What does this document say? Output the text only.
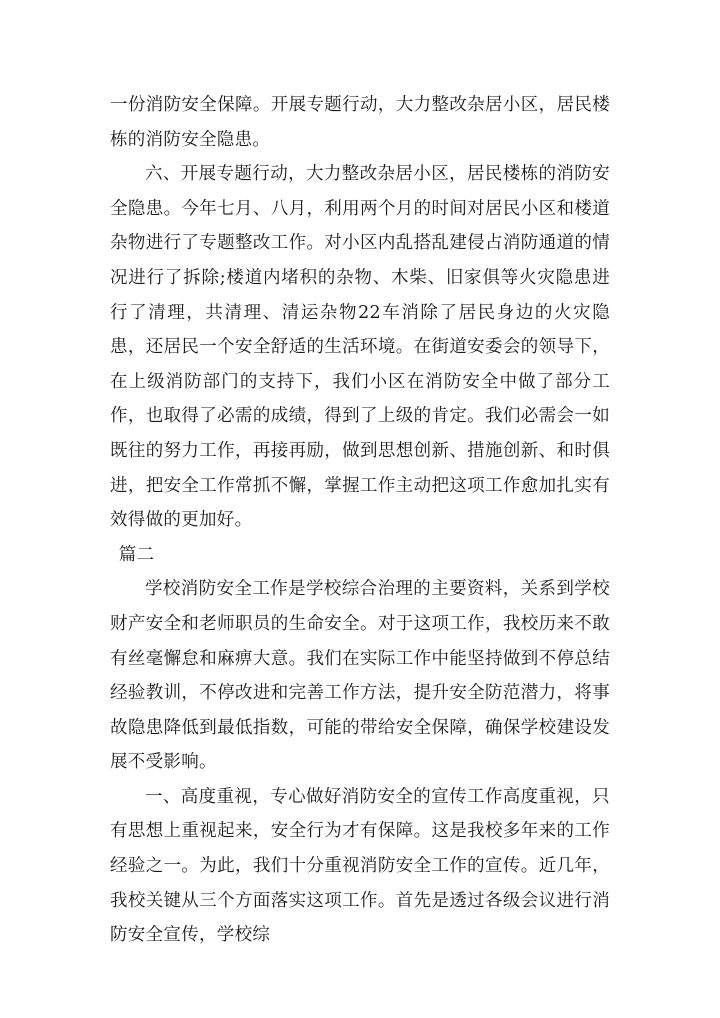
一份消防安全保障。开展专题行动，大力整改杂居小区，居民楼栋的消防安全隐患。

六、开展专题行动，大力整改杂居小区，居民楼栋的消防安全隐患。今年七月、八月，利用两个月的时间对居民小区和楼道杂物进行了专题整改工作。对小区内乱搭乱建侵占消防通道的情况进行了拆除;楼道内堵积的杂物、木柴、旧家俱等火灾隐患进行了清理，共清理、清运杂物22车消除了居民身边的火灾隐患，还居民一个安全舒适的生活环境。在街道安委会的领导下，在上级消防部门的支持下，我们小区在消防安全中做了部分工作，也取得了必需的成绩，得到了上级的肯定。我们必需会一如既往的努力工作，再接再励，做到思想创新、措施创新、和时俱进，把安全工作常抓不懈，掌握工作主动把这项工作愈加扎实有效得做的更加好。

篇二

学校消防安全工作是学校综合治理的主要资料，关系到学校财产安全和老师职员的生命安全。对于这项工作，我校历来不敢有丝毫懈怠和麻痹大意。我们在实际工作中能坚持做到不停总结经验教训，不停改进和完善工作方法，提升安全防范潜力，将事故隐患降低到最低指数，可能的带给安全保障，确保学校建设发展不受影响。

一、高度重视，专心做好消防安全的宣传工作高度重视，只有思想上重视起来，安全行为才有保障。这是我校多年来的工作经验之一。为此，我们十分重视消防安全工作的宣传。近几年，我校关键从三个方面落实这项工作。首先是透过各级会议进行消防安全宣传，学校综
